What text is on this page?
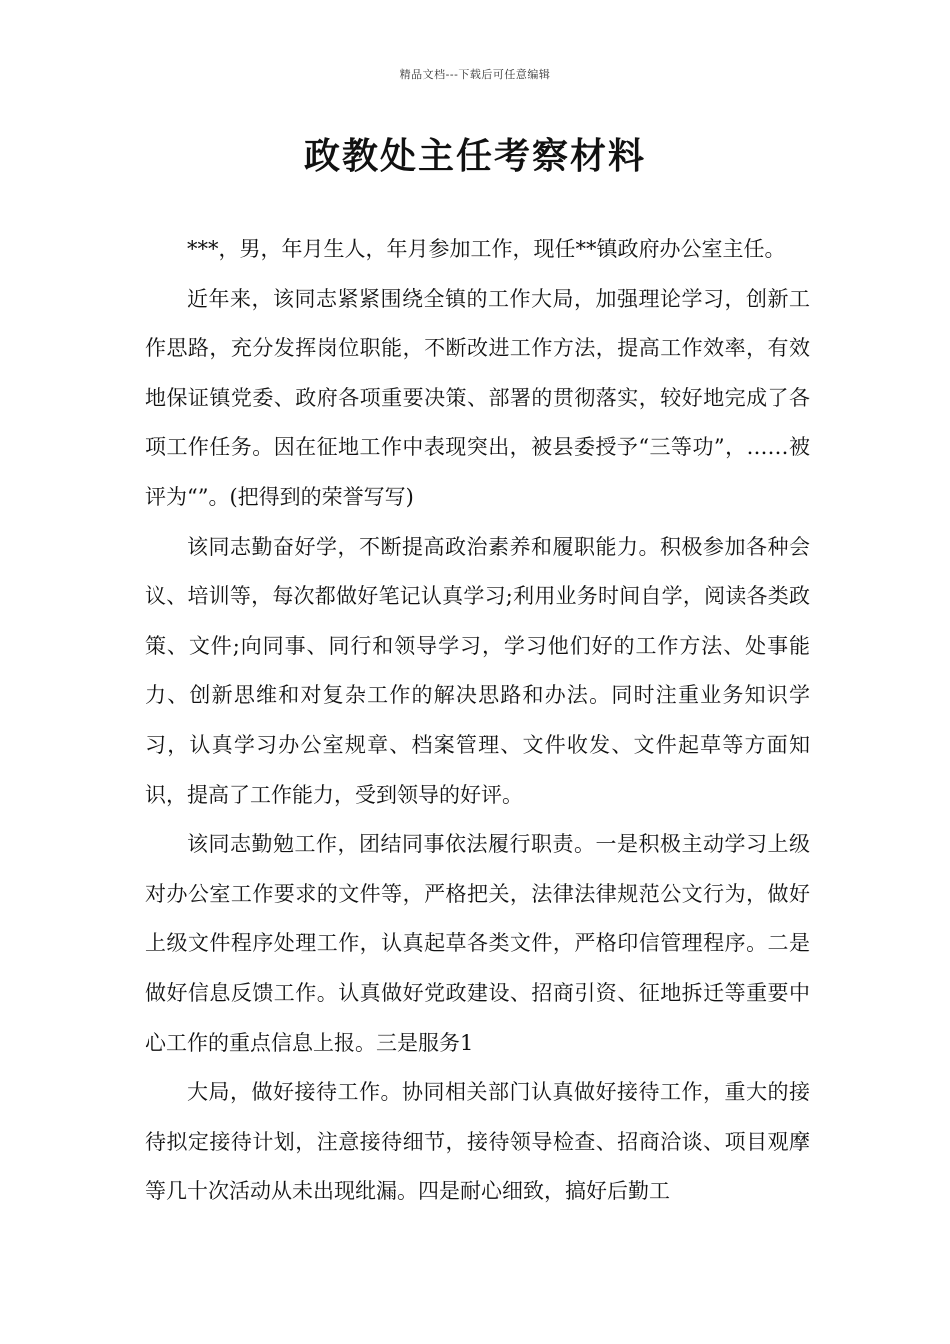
精品文档---下载后可任意编辑
政教处主任考察材料

***，男，年月生人，年月参加工作，现任**镇政府办公室主任。

近年来，该同志紧紧围绕全镇的工作大局，加强理论学习，创新工作思路，充分发挥岗位职能，不断改进工作方法，提高工作效率，有效地保证镇党委、政府各项重要决策、部署的贯彻落实，较好地完成了各项工作任务。因在征地工作中表现突出，被县委授予“三等功”，……被评为“”。(把得到的荣誉写写)

该同志勤奋好学，不断提高政治素养和履职能力。积极参加各种会议、培训等，每次都做好笔记认真学习;利用业务时间自学，阅读各类政策、文件;向同事、同行和领导学习，学习他们好的工作方法、处事能力、创新思维和对复杂工作的解决思路和办法。同时注重业务知识学习，认真学习办公室规章、档案管理、文件收发、文件起草等方面知识，提高了工作能力，受到领导的好评。

该同志勤勉工作，团结同事依法履行职责。一是积极主动学习上级对办公室工作要求的文件等，严格把关，法律法律规范公文行为，做好上级文件程序处理工作，认真起草各类文件，严格印信管理程序。二是做好信息反馈工作。认真做好党政建设、招商引资、征地拆迁等重要中心工作的重点信息上报。三是服务1

大局，做好接待工作。协同相关部门认真做好接待工作，重大的接待拟定接待计划，注意接待细节，接待领导检查、招商洽谈、项目观摩等几十次活动从未出现纰漏。四是耐心细致，搞好后勤工
